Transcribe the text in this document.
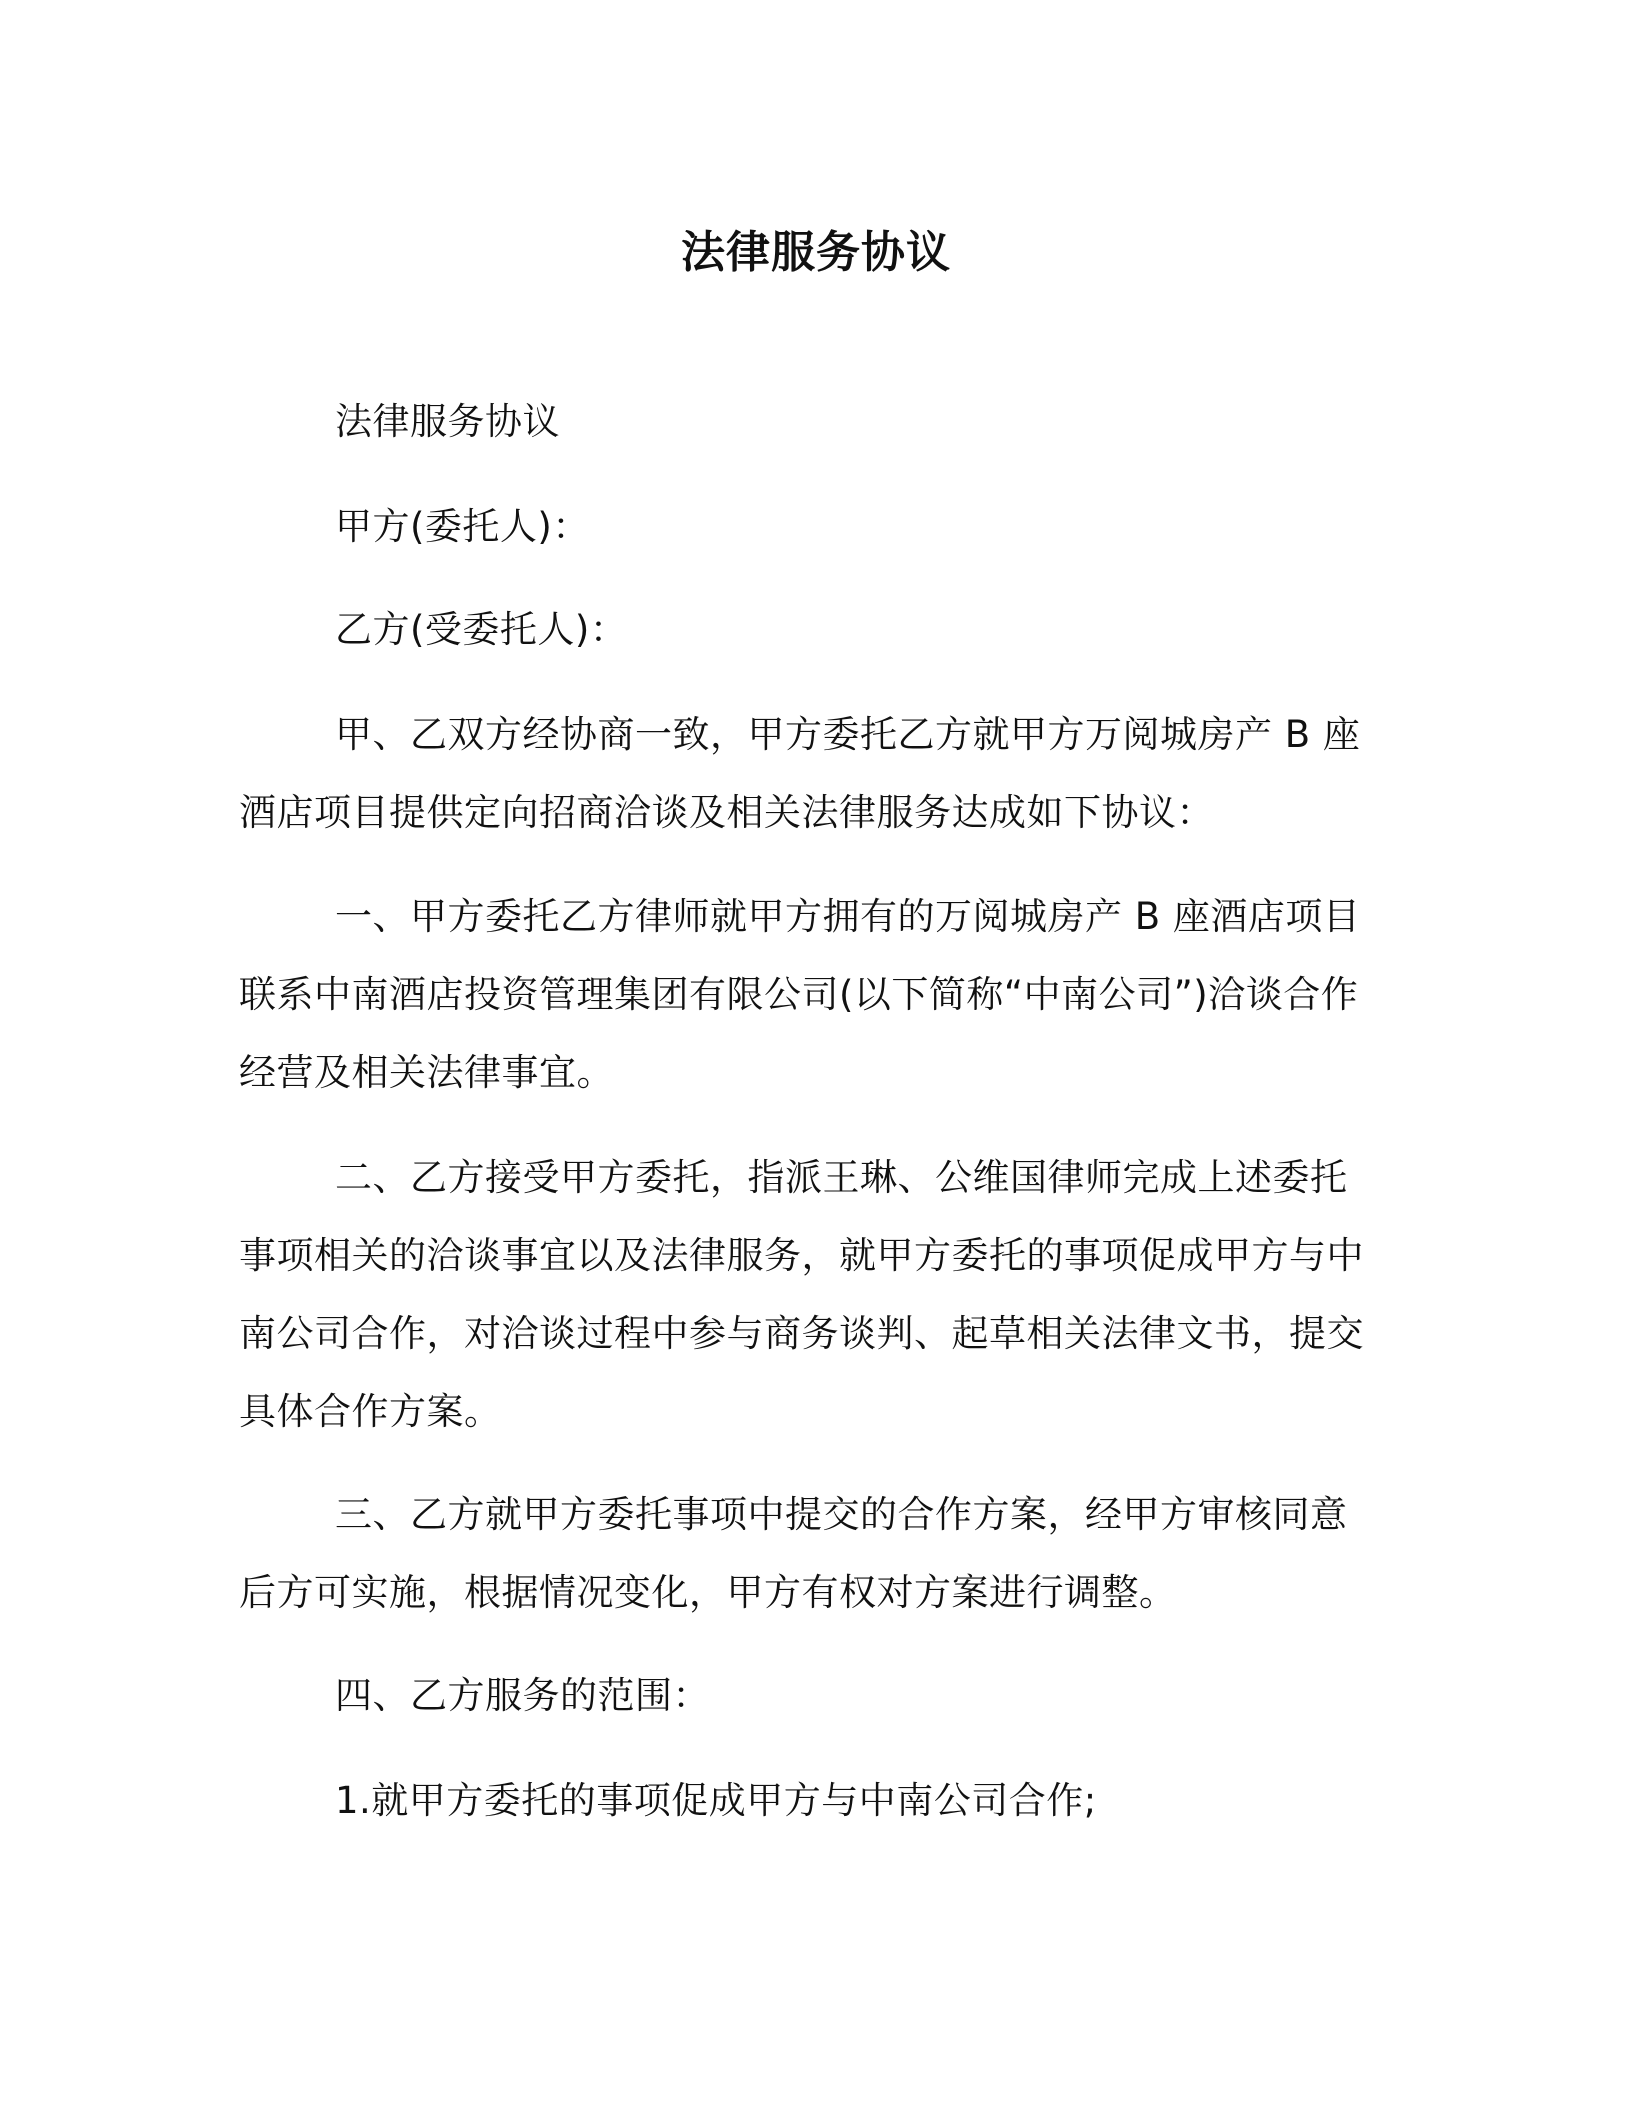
法律服务协议

法律服务协议

甲方(委托人)：

乙方(受委托人)：

甲、乙双方经协商一致，甲方委托乙方就甲方万阅城房产 B 座酒店项目提供定向招商洽谈及相关法律服务达成如下协议：

一、甲方委托乙方律师就甲方拥有的万阅城房产 B 座酒店项目联系中南酒店投资管理集团有限公司(以下简称“中南公司”)洽谈合作经营及相关法律事宜。

二、乙方接受甲方委托，指派王琳、公维国律师完成上述委托事项相关的洽谈事宜以及法律服务，就甲方委托的事项促成甲方与中南公司合作，对洽谈过程中参与商务谈判、起草相关法律文书，提交具体合作方案。

三、乙方就甲方委托事项中提交的合作方案，经甲方审核同意后方可实施，根据情况变化，甲方有权对方案进行调整。

四、乙方服务的范围：

1.就甲方委托的事项促成甲方与中南公司合作;
